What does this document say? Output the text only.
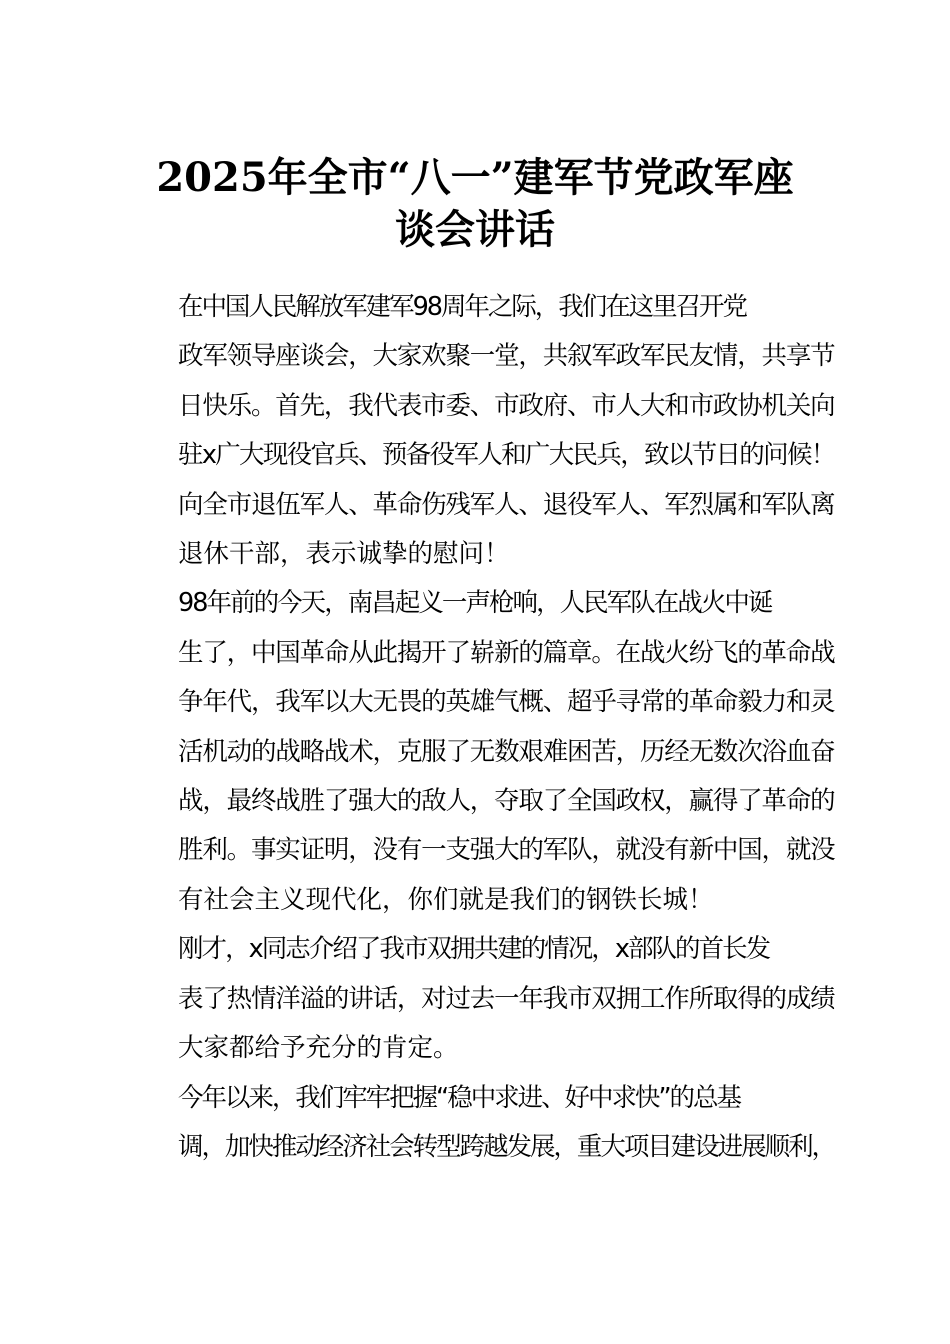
2025年全市“八一”建军节党政军座
谈会讲话

在中国人民解放军建军98周年之际，我们在这里召开党
政军领导座谈会，大家欢聚一堂，共叙军政军民友情，共享节
日快乐。首先，我代表市委、市政府、市人大和市政协机关向
驻x广大现役官兵、预备役军人和广大民兵，致以节日的问候！
向全市退伍军人、革命伤残军人、退役军人、军烈属和军队离
退休干部，表示诚挚的慰问！

98年前的今天，南昌起义一声枪响，人民军队在战火中诞
生了，中国革命从此揭开了崭新的篇章。在战火纷飞的革命战
争年代，我军以大无畏的英雄气概、超乎寻常的革命毅力和灵
活机动的战略战术，克服了无数艰难困苦，历经无数次浴血奋
战，最终战胜了强大的敌人，夺取了全国政权，赢得了革命的
胜利。事实证明，没有一支强大的军队，就没有新中国，就没
有社会主义现代化，你们就是我们的钢铁长城！

刚才，x同志介绍了我市双拥共建的情况，x部队的首长发
表了热情洋溢的讲话，对过去一年我市双拥工作所取得的成绩
大家都给予充分的肯定。

今年以来，我们牢牢把握“稳中求进、好中求快”的总基
调，加快推动经济社会转型跨越发展，重大项目建设进展顺利，
